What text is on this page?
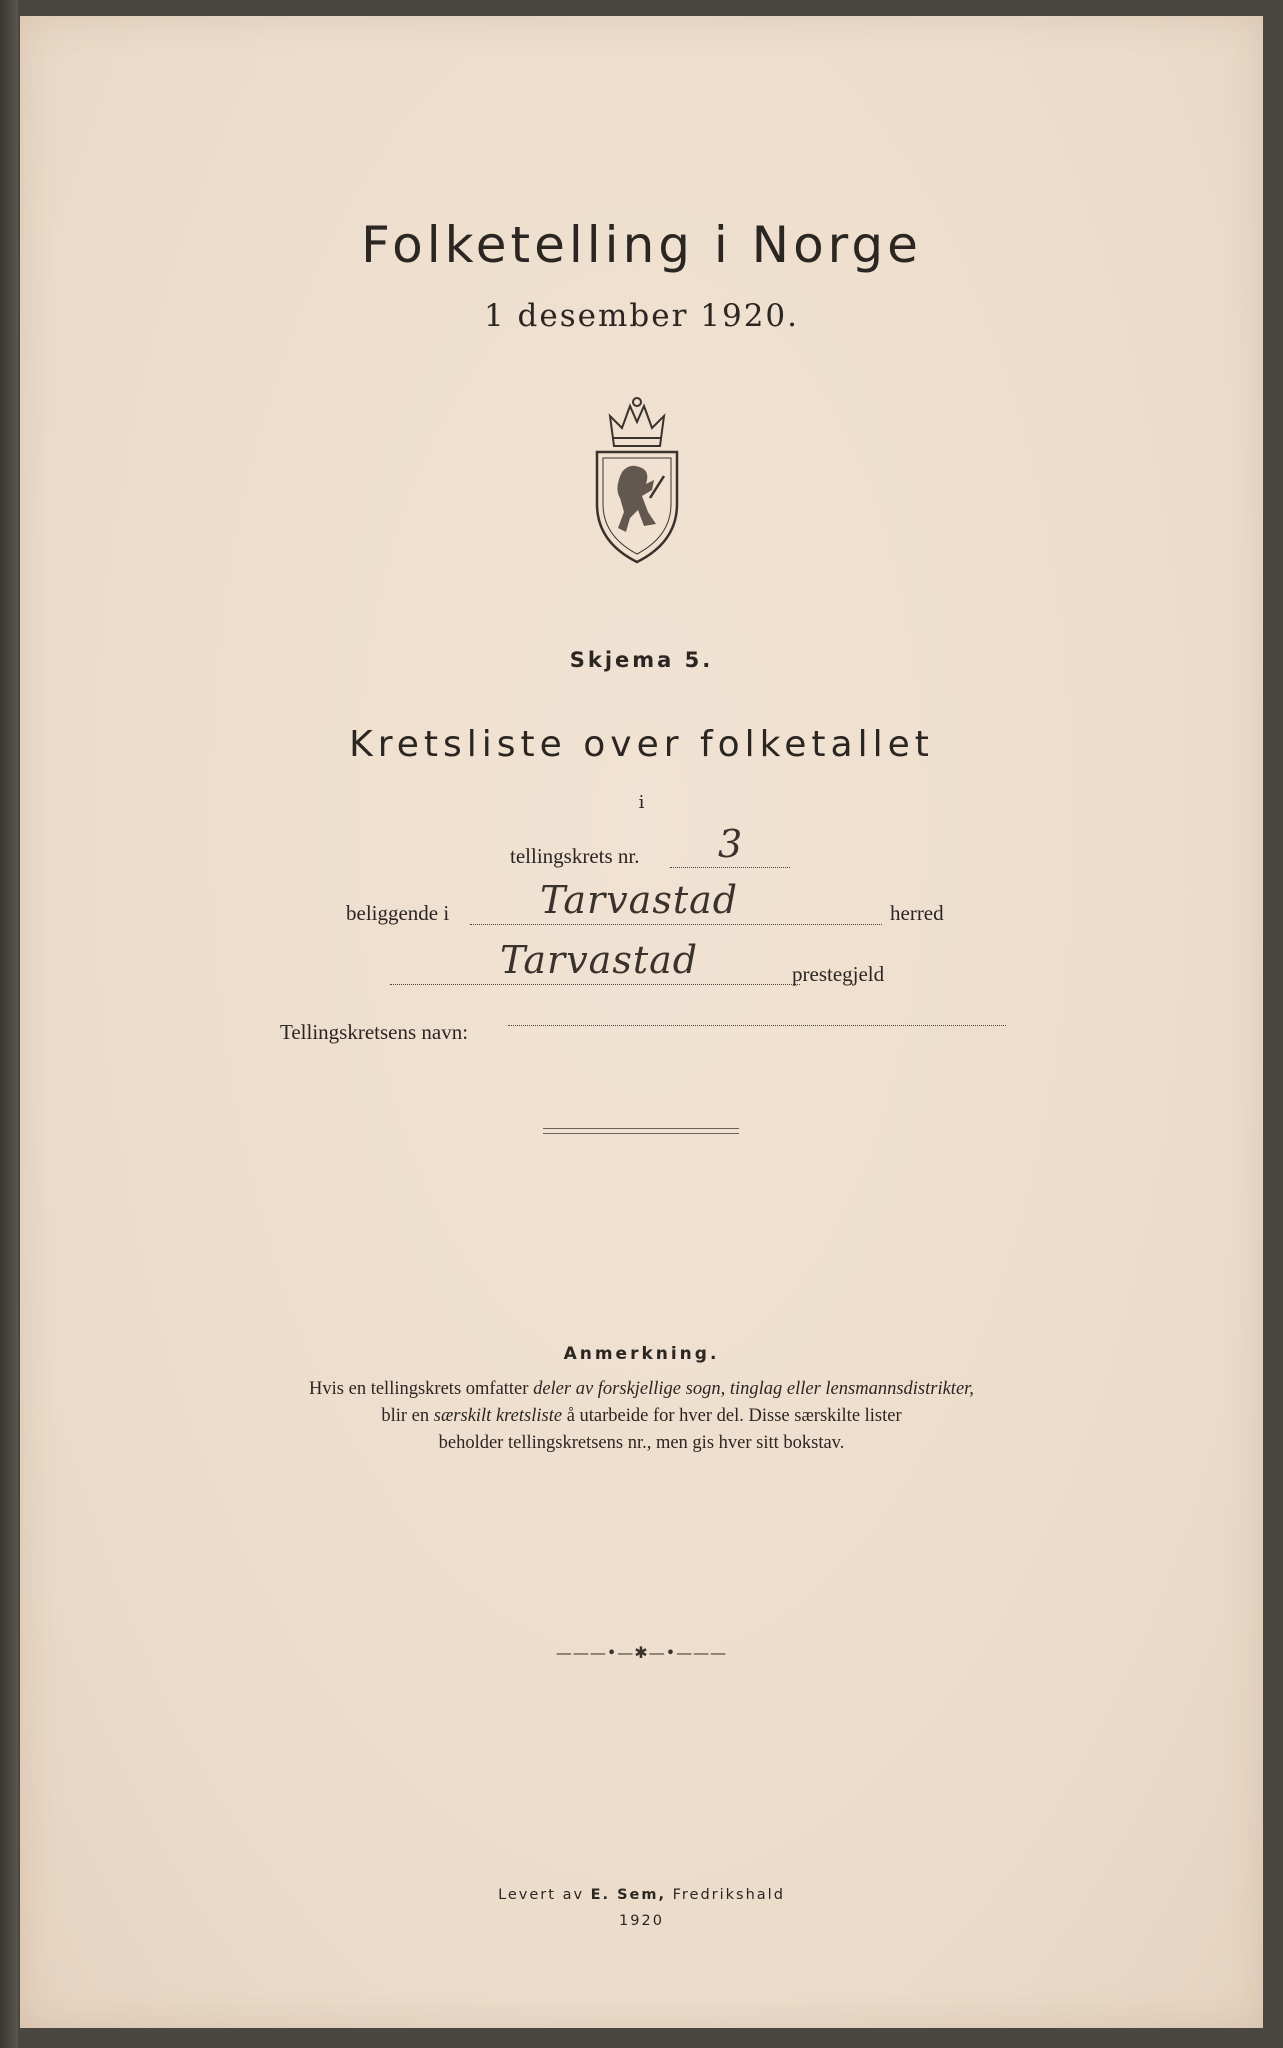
Folketelling i Norge
1 desember 1920.
Skjema 5.
Kretsliste over folketallet
i
tellingskrets nr. 3
beliggende i Tarvastad	herred
Tarvastad	prestegjeld
Tellingskretsens navn:
Anmerkning.
Hvis en tellingskrets omfatter deler av forskjellige sogn, tinglag eller lensmannsdistrikter,
blir en særskilt kretsliste å utarbeide for hver del. Disse særskilte lister
beholder tellingskretsens nr., men gis hver sitt bokstav.
———•—✱—•———
Levert av E. Sem, Fredrikshald
1920
